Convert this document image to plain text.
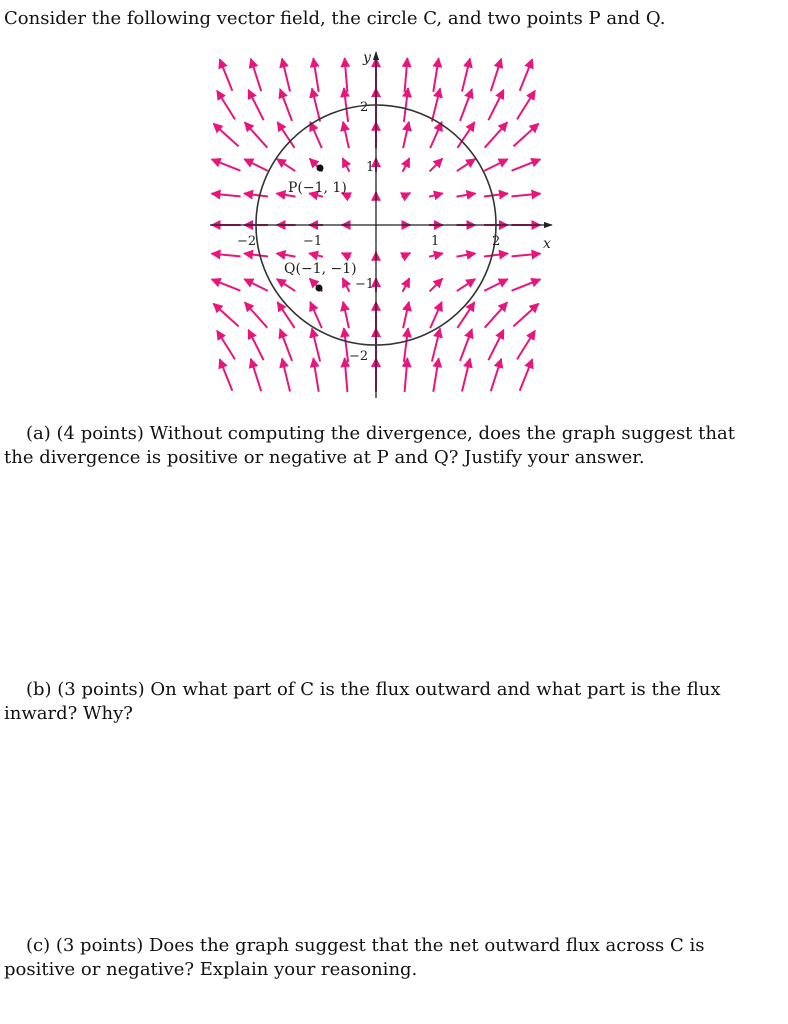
Consider the following vector field, the circle C, and two points P and Q.

x
y
−2	−1	1	2
2
1
−1
−2
P(−1, 1)
Q(−1, −1)

(a) (4 points) Without computing the divergence, does the graph suggest that the divergence is positive or negative at P and Q? Justify your answer.

(b) (3 points) On what part of C is the flux outward and what part is the flux inward? Why?

(c) (3 points) Does the graph suggest that the net outward flux across C is positive or negative? Explain your reasoning.
